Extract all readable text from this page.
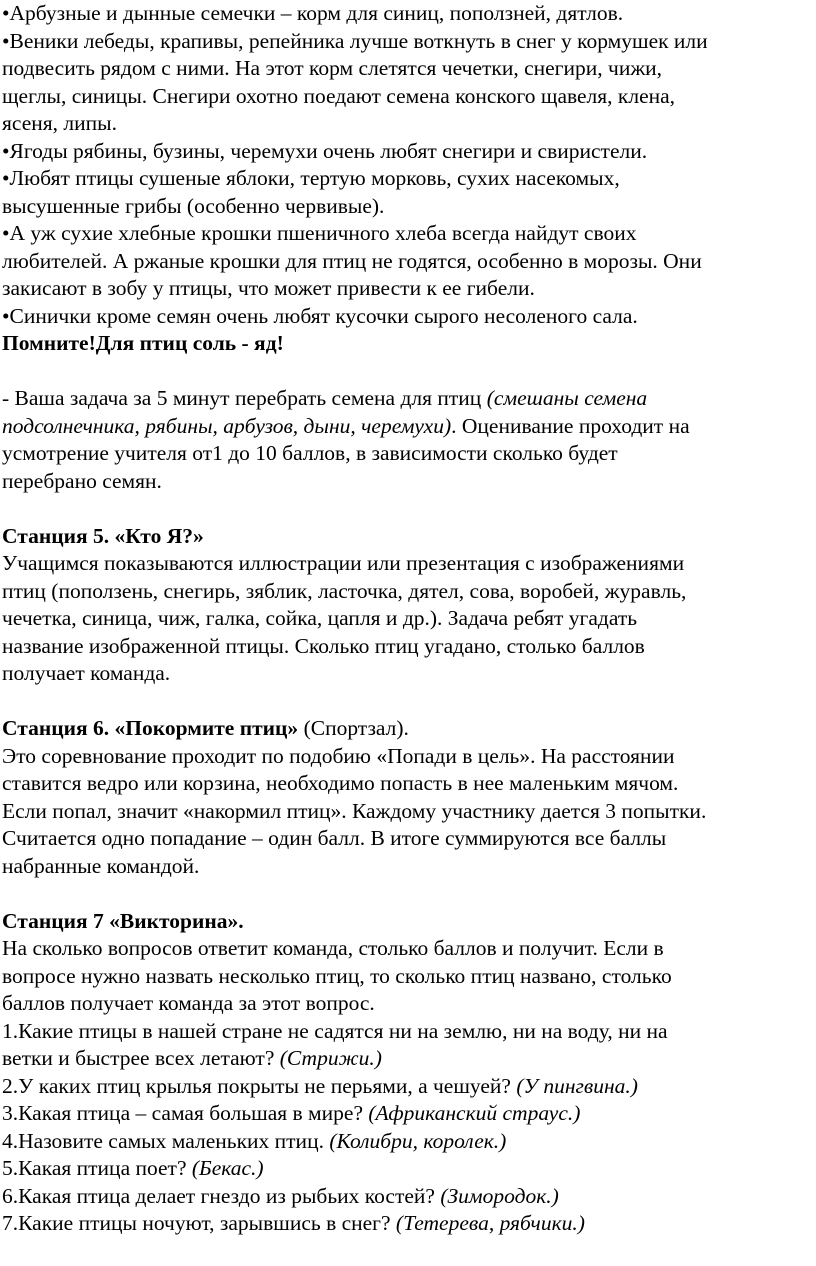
•Арбузные и дынные семечки – корм для синиц, поползней, дятлов.
•Веники лебеды, крапивы, репейника лучше воткнуть в снег у кормушек или
подвесить рядом с ними. На этот корм слетятся чечетки, снегири, чижи,
щеглы, синицы. Снегири охотно поедают семена конского щавеля, клена,
ясеня, липы.
•Ягоды рябины, бузины, черемухи очень любят снегири и свиристели.
•Любят птицы сушеные яблоки, тертую морковь, сухих насекомых,
высушенные грибы (особенно червивые).
•А уж сухие хлебные крошки пшеничного хлеба всегда найдут своих
любителей. А ржаные крошки для птиц не годятся, особенно в морозы. Они
закисают в зобу у птицы, что может привести к ее гибели.
•Синички кроме семян очень любят кусочки сырого несоленого сала.
Помните!Для птиц соль - яд!
- Ваша задача за 5 минут перебрать семена для птиц (смешаны семена
подсолнечника, рябины, арбузов, дыни, черемухи). Оценивание проходит на
усмотрение учителя от1 до 10 баллов, в зависимости сколько будет
перебрано семян.
Станция 5. «Кто Я?»
Учащимся показываются иллюстрации или презентация с изображениями
птиц (поползень, снегирь, зяблик, ласточка, дятел, сова, воробей, журавль,
чечетка, синица, чиж, галка, сойка, цапля и др.). Задача ребят угадать
название изображенной птицы. Сколько птиц угадано, столько баллов
получает команда.
Станция 6. «Покормите птиц» (Спортзал).
Это соревнование проходит по подобию «Попади в цель». На расстоянии
ставится ведро или корзина, необходимо попасть в нее маленьким мячом.
Если попал, значит «накормил птиц». Каждому участнику дается 3 попытки.
Считается одно попадание – один балл. В итоге суммируются все баллы
набранные командой.
Станция 7 «Викторина».
На сколько вопросов ответит команда, столько баллов и получит. Если в
вопросе нужно назвать несколько птиц, то сколько птиц названо, столько
баллов получает команда за этот вопрос.
1.Какие птицы в нашей стране не садятся ни на землю, ни на воду, ни на
ветки и быстрее всех летают? (Стрижи.)
2.У каких птиц крылья покрыты не перьями, а чешуей? (У пингвина.)
3.Какая птица – самая большая в мире? (Африканский страус.)
4.Назовите самых маленьких птиц. (Колибри, королек.)
5.Какая птица поет? (Бекас.)
6.Какая птица делает гнездо из рыбьих костей? (Зимородок.)
7.Какие птицы ночуют, зарывшись в снег? (Тетерева, рябчики.)
